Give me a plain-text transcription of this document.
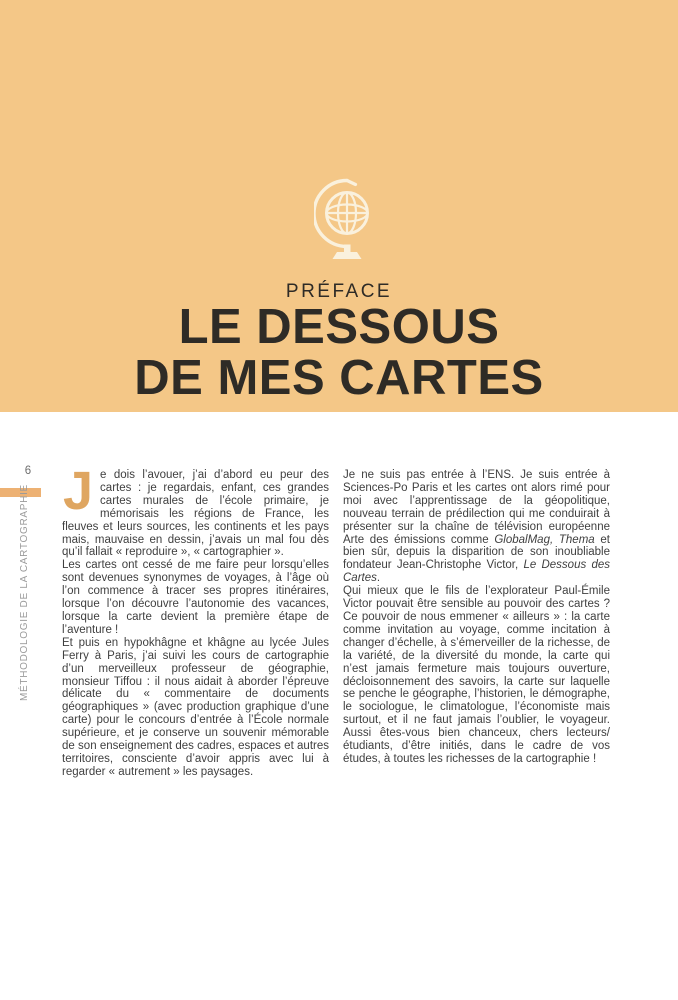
PRÉFACE
LE DESSOUS
DE MES CARTES
6
MÉTHODOLOGIE DE LA CARTOGRAPHIE Je dois l’avouer, j’ai d’abord eu peur des cartes : je regardais, enfant, ces grandes cartes murales de l’école primaire, je mémorisais les régions de France, les fleuves et leurs sources, les continents et les pays mais, mauvaise en dessin, j’avais un mal fou dès qu’il fallait « reproduire », « cartographier ».

Les cartes ont cessé de me faire peur lorsqu’elles sont devenues synonymes de voyages, à l’âge où l’on commence à tracer ses propres itinéraires, lorsque l’on découvre l’autonomie des vacances, lorsque la carte devient la première étape de l’aventure !

Et puis en hypokhâgne et khâgne au lycée Jules Ferry à Paris, j’ai suivi les cours de cartographie d’un merveilleux professeur de géographie, monsieur Tiffou : il nous aidait à aborder l’épreuve délicate du « commentaire de documents géographiques » (avec production graphique d’une carte) pour le concours d’entrée à l’École normale supérieure, et je conserve un souvenir mémorable de son enseignement des cadres, espaces et autres territoires, consciente d’avoir appris avec lui à regarder « autrement » les paysages.

Je ne suis pas entrée à l’ENS. Je suis entrée à Sciences-Po Paris et les cartes ont alors rimé pour moi avec l’apprentissage de la géopolitique, nouveau terrain de prédilection qui me conduirait à présenter sur la chaîne de télévision européenne Arte des émissions comme GlobalMag, Thema et bien sûr, depuis la disparition de son inoubliable fondateur Jean-Christophe Victor, Le Dessous des Cartes.

Qui mieux que le fils de l’explorateur Paul-Émile Victor pouvait être sensible au pouvoir des cartes ? Ce pouvoir de nous emmener « ailleurs » : la carte comme invitation au voyage, comme incitation à changer d’échelle, à s’émerveiller de la richesse, de la variété, de la diversité du monde, la carte qui n’est jamais fermeture mais toujours ouverture, décloisonnement des savoirs, la carte sur laquelle se penche le géographe, l’historien, le démographe, le sociologue, le climatologue, l’économiste mais surtout, et il ne faut jamais l’oublier, le voyageur. Aussi êtes-vous bien chanceux, chers lecteurs/étudiants, d’être initiés, dans le cadre de vos études, à toutes les richesses de la cartographie !
